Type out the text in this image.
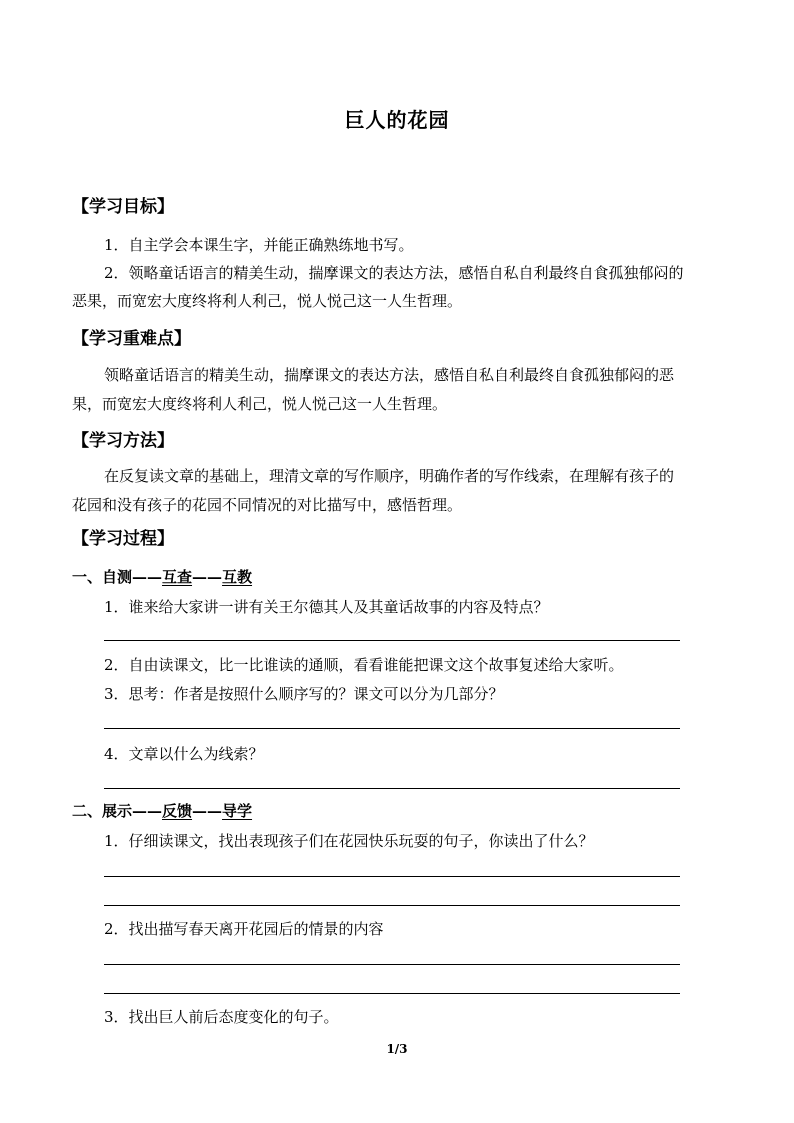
巨人的花园
【学习目标】
1．自主学会本课生字，并能正确熟练地书写。
2．领略童话语言的精美生动，揣摩课文的表达方法，感悟自私自利最终自食孤独郁闷的
恶果，而宽宏大度终将利人利己，悦人悦己这一人生哲理。
【学习重难点】
领略童话语言的精美生动，揣摩课文的表达方法，感悟自私自利最终自食孤独郁闷的恶
果，而宽宏大度终将利人利己，悦人悦己这一人生哲理。
【学习方法】
在反复读文章的基础上，理清文章的写作顺序，明确作者的写作线索，在理解有孩子的
花园和没有孩子的花园不同情况的对比描写中，感悟哲理。
【学习过程】
一、自测——互查——互教
1．谁来给大家讲一讲有关王尔德其人及其童话故事的内容及特点？
2．自由读课文，比一比谁读的通顺，看看谁能把课文这个故事复述给大家听。
3．思考：作者是按照什么顺序写的？课文可以分为几部分？
4．文章以什么为线索？
二、展示——反馈——导学
1．仔细读课文，找出表现孩子们在花园快乐玩耍的句子，你读出了什么？
2．找出描写春天离开花园后的情景的内容
3．找出巨人前后态度变化的句子。
1/3
